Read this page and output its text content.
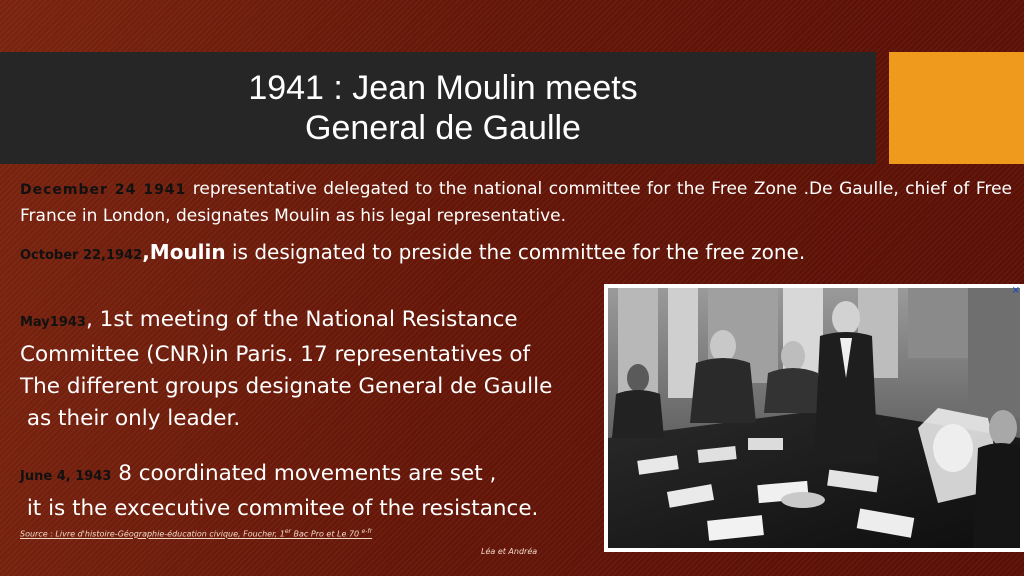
1941 : Jean Moulin meets
General de Gaulle

December 24 1941 representative delegated to the national committee for the Free Zone .De Gaulle, chief of Free France in London, designates Moulin as his legal representative.

October 22,1942,Moulin is designated to preside the committee for the free zone.

May1943, 1st meeting of the National Resistance
Committee (CNR)in Paris. 17 representatives of
The different groups designate General de Gaulle
as their only leader.

June 4, 1943 8 coordinated movements are set ,
it is the excecutive commitee of the resistance.

Source : Livre d'histoire-Géographie-éducation civique, Foucher, 1er Bac Pro et Le 70 $^{e-fr}$
Léa et Andréa
×
